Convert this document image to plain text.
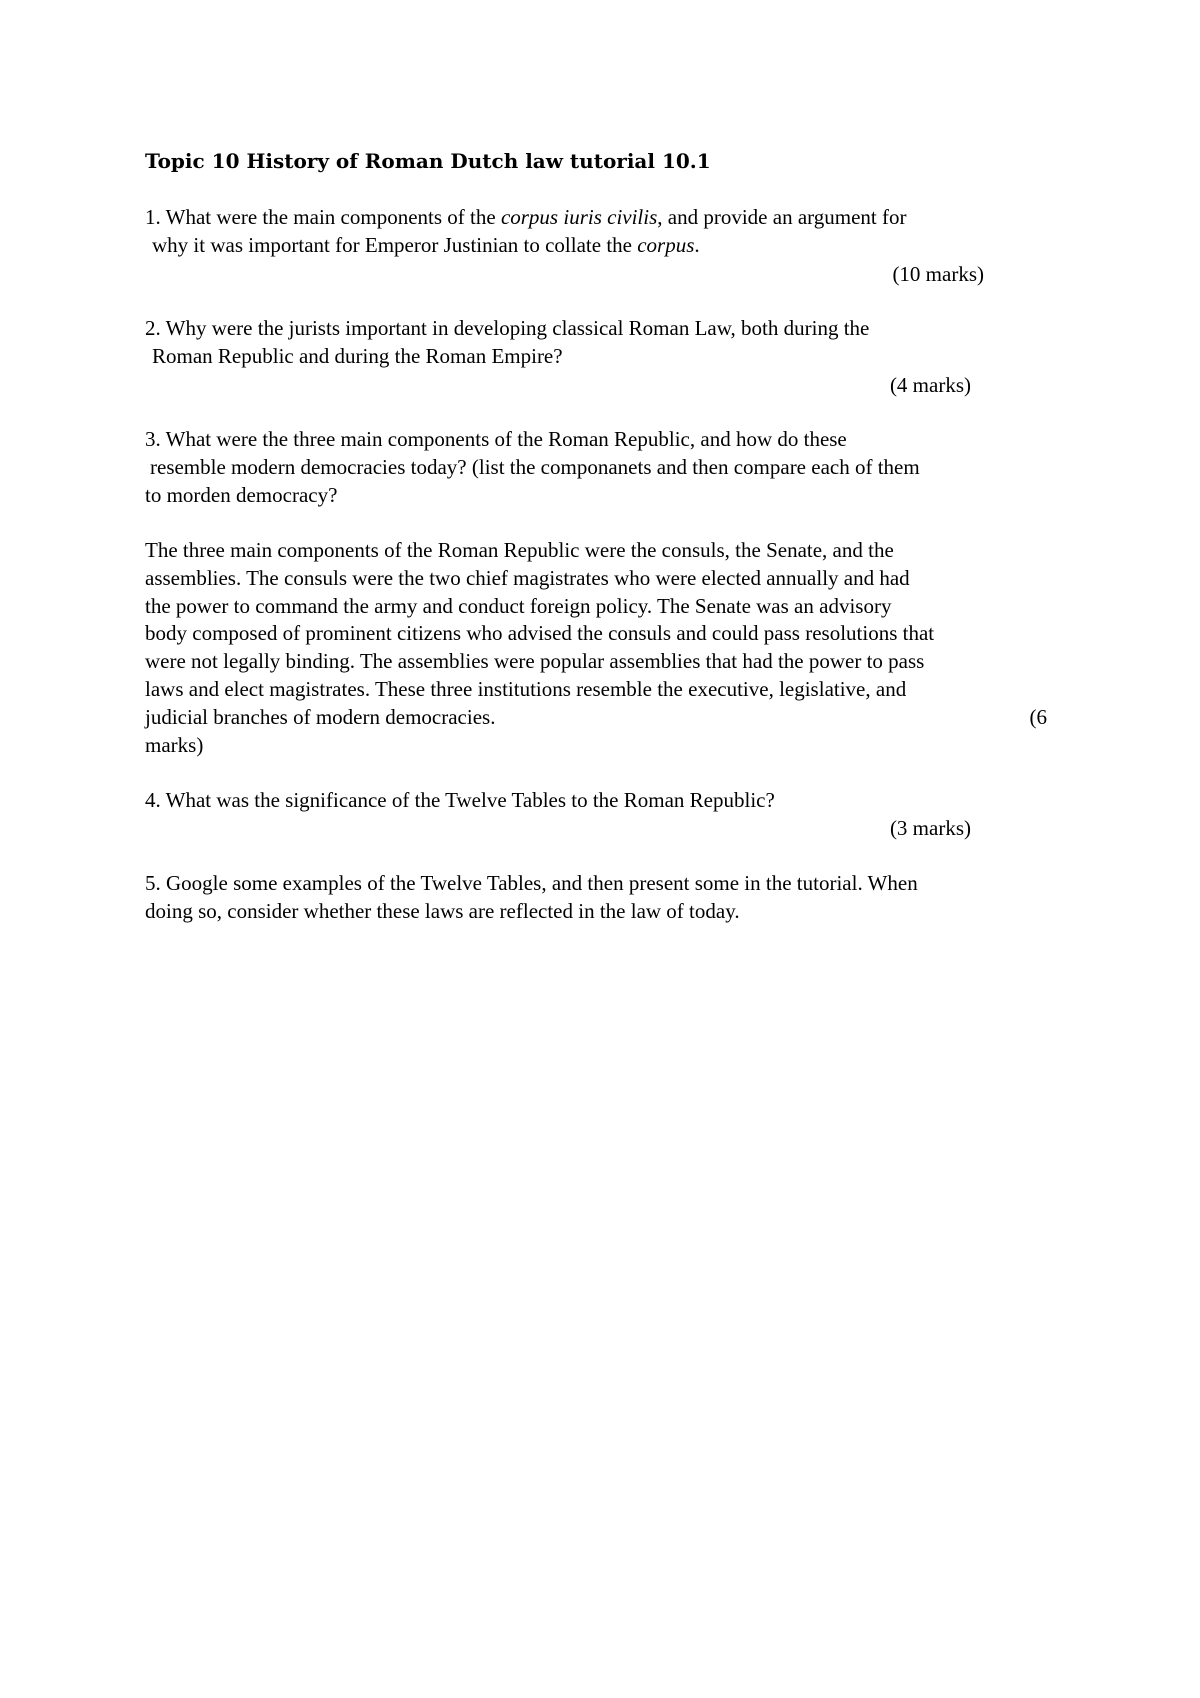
Topic 10 History of Roman Dutch law tutorial 10.1
1. What were the main components of the corpus iuris civilis, and provide an argument for
why it was important for Emperor Justinian to collate the corpus.
(10 marks)
2. Why were the jurists important in developing classical Roman Law, both during the
Roman Republic and during the Roman Empire?
(4 marks)
3. What were the three main components of the Roman Republic, and how do these
resemble modern democracies today? (list the componanets and then compare each of them
to morden democracy?
The three main components of the Roman Republic were the consuls, the Senate, and the
assemblies. The consuls were the two chief magistrates who were elected annually and had
the power to command the army and conduct foreign policy. The Senate was an advisory
body composed of prominent citizens who advised the consuls and could pass resolutions that
were not legally binding. The assemblies were popular assemblies that had the power to pass
laws and elect magistrates. These three institutions resemble the executive, legislative, and
judicial branches of modern democracies.	(6
marks)
4. What was the significance of the Twelve Tables to the Roman Republic?
(3 marks)
5. Google some examples of the Twelve Tables, and then present some in the tutorial. When
doing so, consider whether these laws are reflected in the law of today.
